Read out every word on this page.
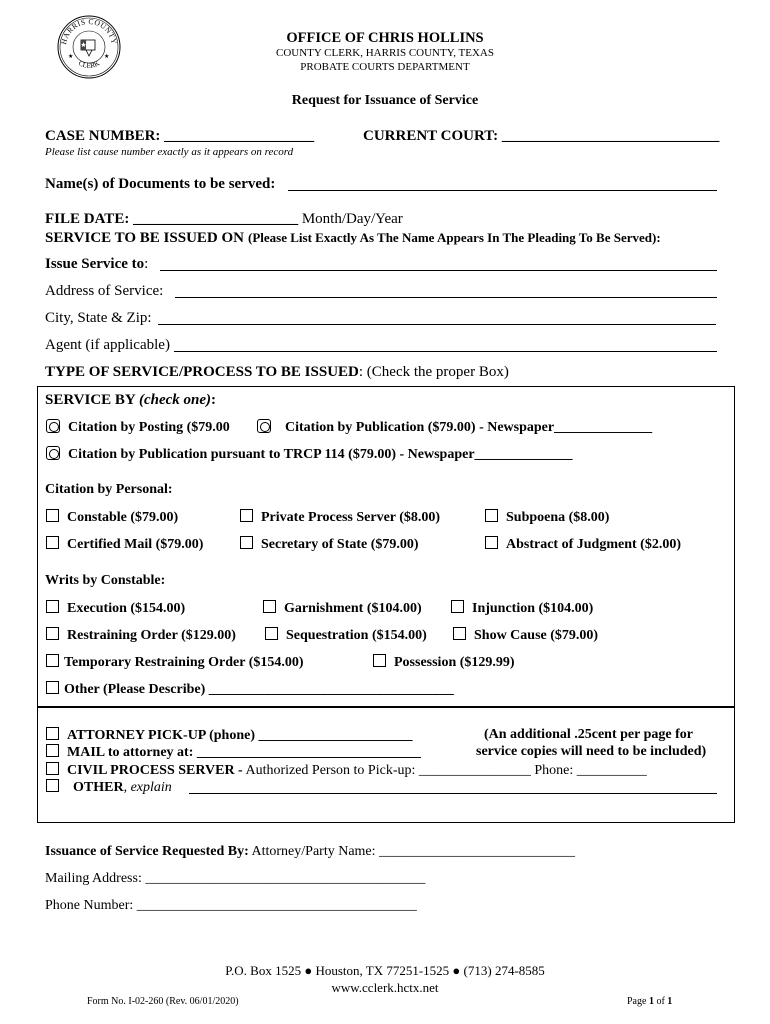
HARRIS COUNTY
CLERK
★	★
OFFICE OF CHRIS HOLLINS
COUNTY CLERK, HARRIS COUNTY, TEXAS
PROBATE COURTS DEPARTMENT
Request for Issuance of Service
CASE NUMBER: ____________________	CURRENT COURT: _____________________________
Please list cause number exactly as it appears on record
Name(s) of Documents to be served:
FILE DATE: ______________________ Month/Day/Year
SERVICE TO BE ISSUED ON (Please List Exactly As The Name Appears In The Pleading To Be Served):
Issue Service to:
Address of Service:
City, State & Zip:
Agent (if applicable)
TYPE OF SERVICE/PROCESS TO BE ISSUED: (Check the proper Box)
SERVICE BY (check one):
Citation by Posting ($79.00	Citation by Publication ($79.00) - Newspaper______________
Citation by Publication pursuant to TRCP 114 ($79.00) - Newspaper______________
Citation by Personal:
Constable ($79.00)	Private Process Server ($8.00)	Subpoena ($8.00)
Certified Mail ($79.00)	Secretary of State ($79.00)	Abstract of Judgment ($2.00)
Writs by Constable:
Execution ($154.00)	Garnishment ($104.00)	Injunction ($104.00)
Restraining Order ($129.00)	Sequestration ($154.00)	Show Cause ($79.00)
Temporary Restraining Order ($154.00)	Possession ($129.99)
Other (Please Describe) ___________________________________
ATTORNEY PICK-UP (phone) ______________________
MAIL to attorney at: ________________________________
(An additional .25cent per page for
service copies will need to be included)
CIVIL PROCESS SERVER - Authorized Person to Pick-up: ________________ Phone: __________
OTHER, explain
Issuance of Service Requested By: Attorney/Party Name: ____________________________
Mailing Address: ________________________________________
Phone Number: ________________________________________
P.O. Box 1525 ● Houston, TX 77251-1525 ● (713) 274-8585
www.cclerk.hctx.net
Form No. I-02-260 (Rev. 06/01/2020)	Page 1 of 1
